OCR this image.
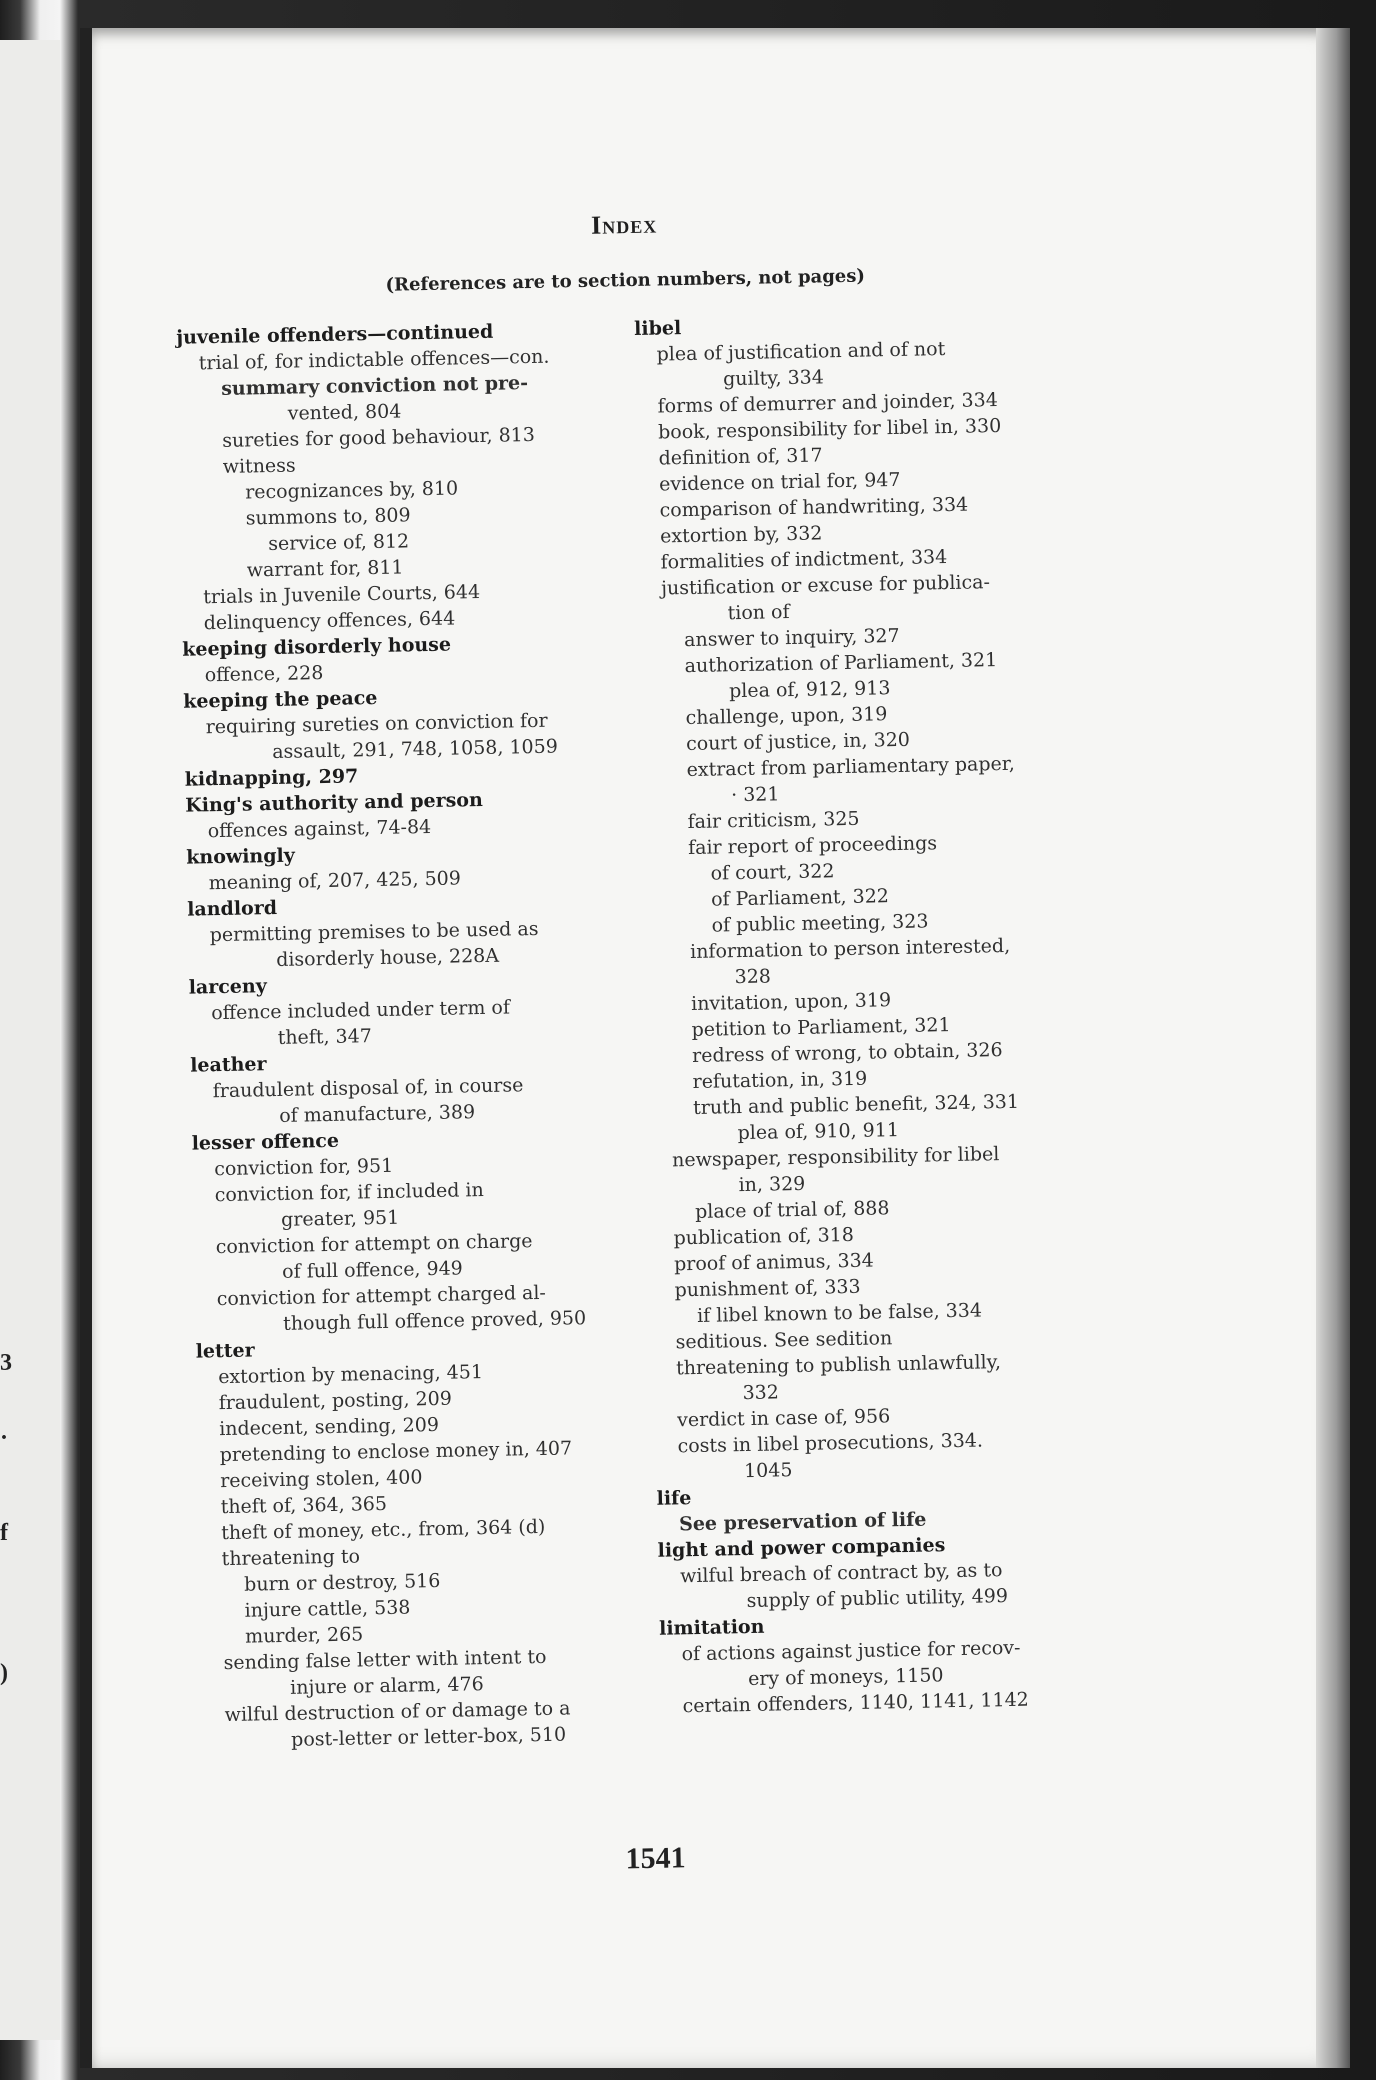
3
·
f
)
Index
(References are to section numbers, not pages)
juvenile offenders—continued
trial of, for indictable offences—con.
summary conviction not pre-
vented, 804
sureties for good behaviour, 813
witness
recognizances by, 810
summons to, 809
service of, 812
warrant for, 811
trials in Juvenile Courts, 644
delinquency offences, 644
keeping disorderly house
offence, 228
keeping the peace
requiring sureties on conviction for
assault, 291, 748, 1058, 1059
kidnapping, 297
King's authority and person
offences against, 74-84
knowingly
meaning of, 207, 425, 509
landlord
permitting premises to be used as
disorderly house, 228A
larceny
offence included under term of
theft, 347
leather
fraudulent disposal of, in course
of manufacture, 389
lesser offence
conviction for, 951
conviction for, if included in
greater, 951
conviction for attempt on charge
of full offence, 949
conviction for attempt charged al-
though full offence proved, 950
letter
extortion by menacing, 451
fraudulent, posting, 209
indecent, sending, 209
pretending to enclose money in, 407
receiving stolen, 400
theft of, 364, 365
theft of money, etc., from, 364 (d)
threatening to
burn or destroy, 516
injure cattle, 538
murder, 265
sending false letter with intent to
injure or alarm, 476
wilful destruction of or damage to a
post-letter or letter-box, 510
libel
plea of justification and of not
guilty, 334
forms of demurrer and joinder, 334
book, responsibility for libel in, 330
definition of, 317
evidence on trial for, 947
comparison of handwriting, 334
extortion by, 332
formalities of indictment, 334
justification or excuse for publica-
tion of
answer to inquiry, 327
authorization of Parliament, 321
plea of, 912, 913
challenge, upon, 319
court of justice, in, 320
extract from parliamentary paper,
· 321
fair criticism, 325
fair report of proceedings
of court, 322
of Parliament, 322
of public meeting, 323
information to person interested,
328
invitation, upon, 319
petition to Parliament, 321
redress of wrong, to obtain, 326
refutation, in, 319
truth and public benefit, 324, 331
plea of, 910, 911
newspaper, responsibility for libel
in, 329
place of trial of, 888
publication of, 318
proof of animus, 334
punishment of, 333
if libel known to be false, 334
seditious. See sedition
threatening to publish unlawfully,
332
verdict in case of, 956
costs in libel prosecutions, 334.
1045
life
See preservation of life
light and power companies
wilful breach of contract by, as to
supply of public utility, 499
limitation
of actions against justice for recov-
ery of moneys, 1150
certain offenders, 1140, 1141, 1142
1541
